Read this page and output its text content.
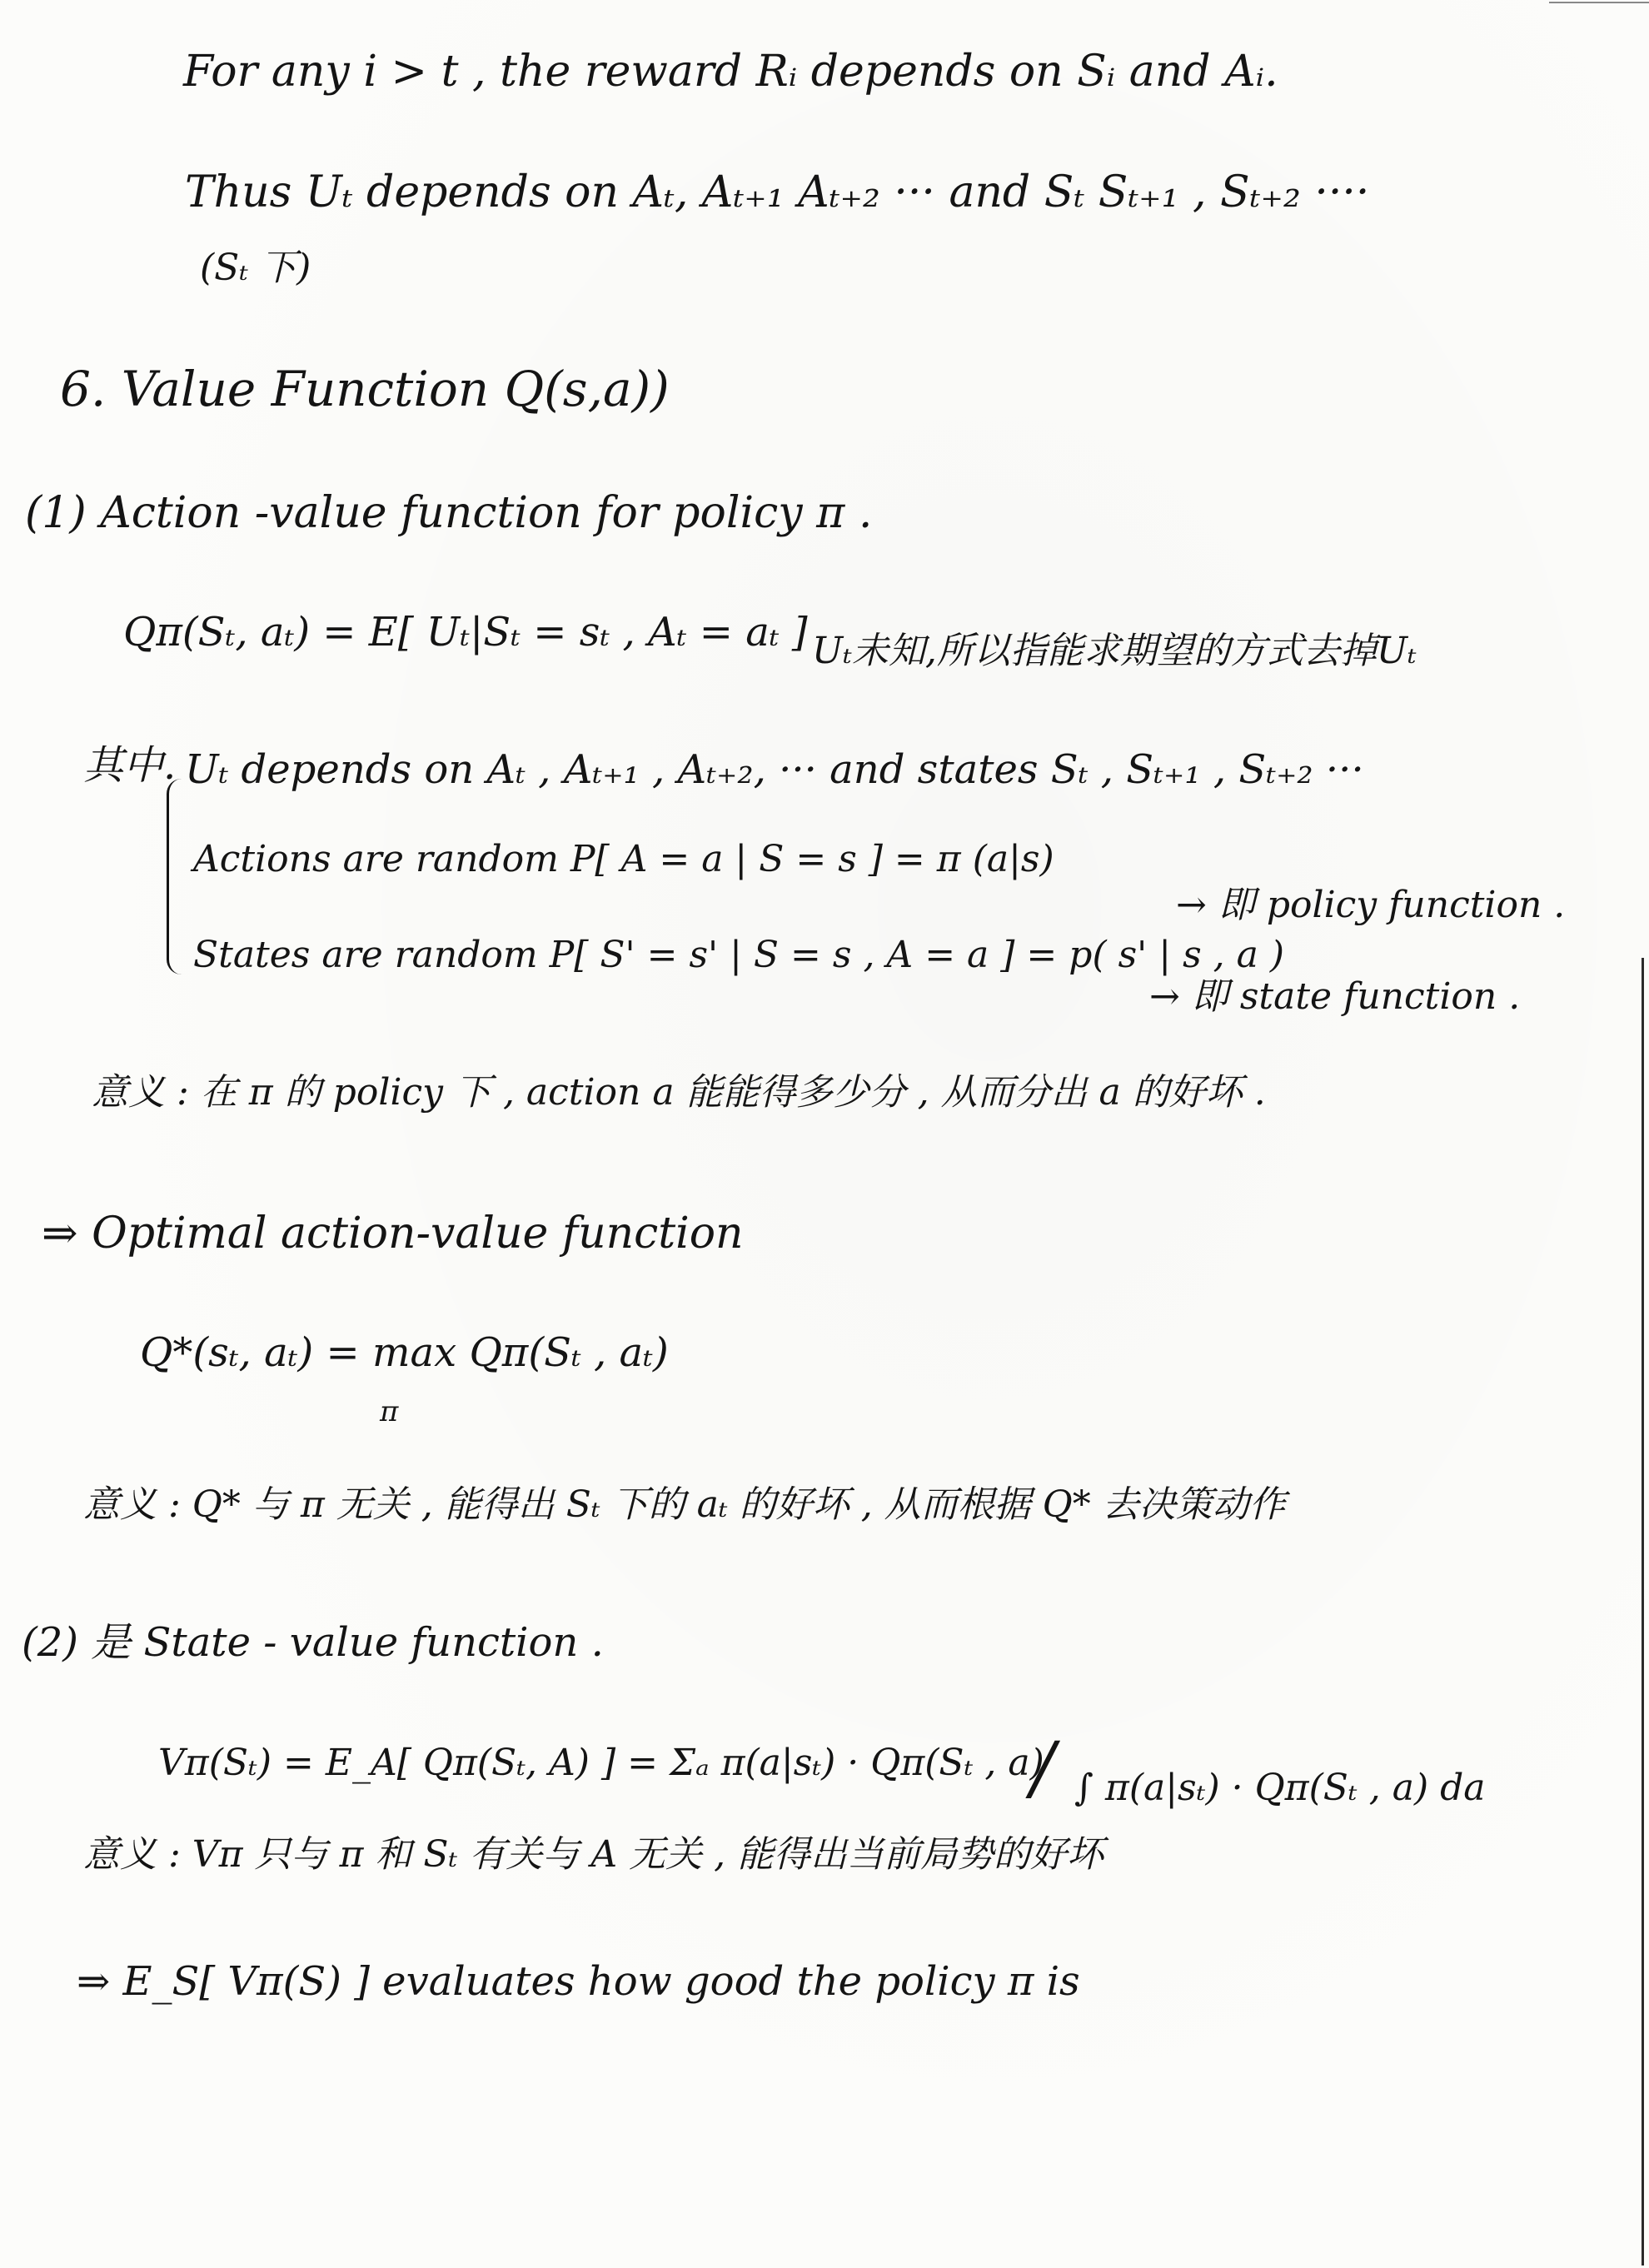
For any i > t , the reward Rᵢ depends on Sᵢ and Aᵢ.
Thus Uₜ depends on Aₜ, Aₜ₊₁ Aₜ₊₂ ··· and Sₜ Sₜ₊₁ , Sₜ₊₂ ····
(Sₜ 下)
6. Value Function Q(s,a))
(1) Action -value function for policy π .
Qπ(Sₜ, aₜ) = E[ Uₜ|Sₜ = sₜ , Aₜ = aₜ ] Uₜ未知,所以指能求期望的方式去掉Uₜ
其中. Uₜ depends on Aₜ , Aₜ₊₁ , Aₜ₊₂, ··· and states Sₜ , Sₜ₊₁ , Sₜ₊₂ ···
Actions are random P[ A = a | S = s ] = π (a|s)
→ 即 policy function .
States are random P[ S' = s' | S = s , A = a ] = p( s' | s , a )
→ 即 state function .
意义 : 在 π 的 policy 下 , action a 能能得多少分 , 从而分出 a 的好坏 .
⇒ Optimal action-value function
Q*(sₜ, aₜ) = max Qπ(Sₜ , aₜ)
π
意义 : Q* 与 π 无关 , 能得出 Sₜ 下的 aₜ 的好坏 , 从而根据 Q* 去决策动作
(2) 是 State - value function .
Vπ(Sₜ) = E_A[ Qπ(Sₜ, A) ] = Σₐ π(a|sₜ) · Qπ(Sₜ , a)
/ ∫ π(a|sₜ) · Qπ(Sₜ , a) da
意义 : Vπ 只与 π 和 Sₜ 有关与 A 无关 , 能得出当前局势的好坏
⇒ E_S[ Vπ(S) ] evaluates how good the policy π is
